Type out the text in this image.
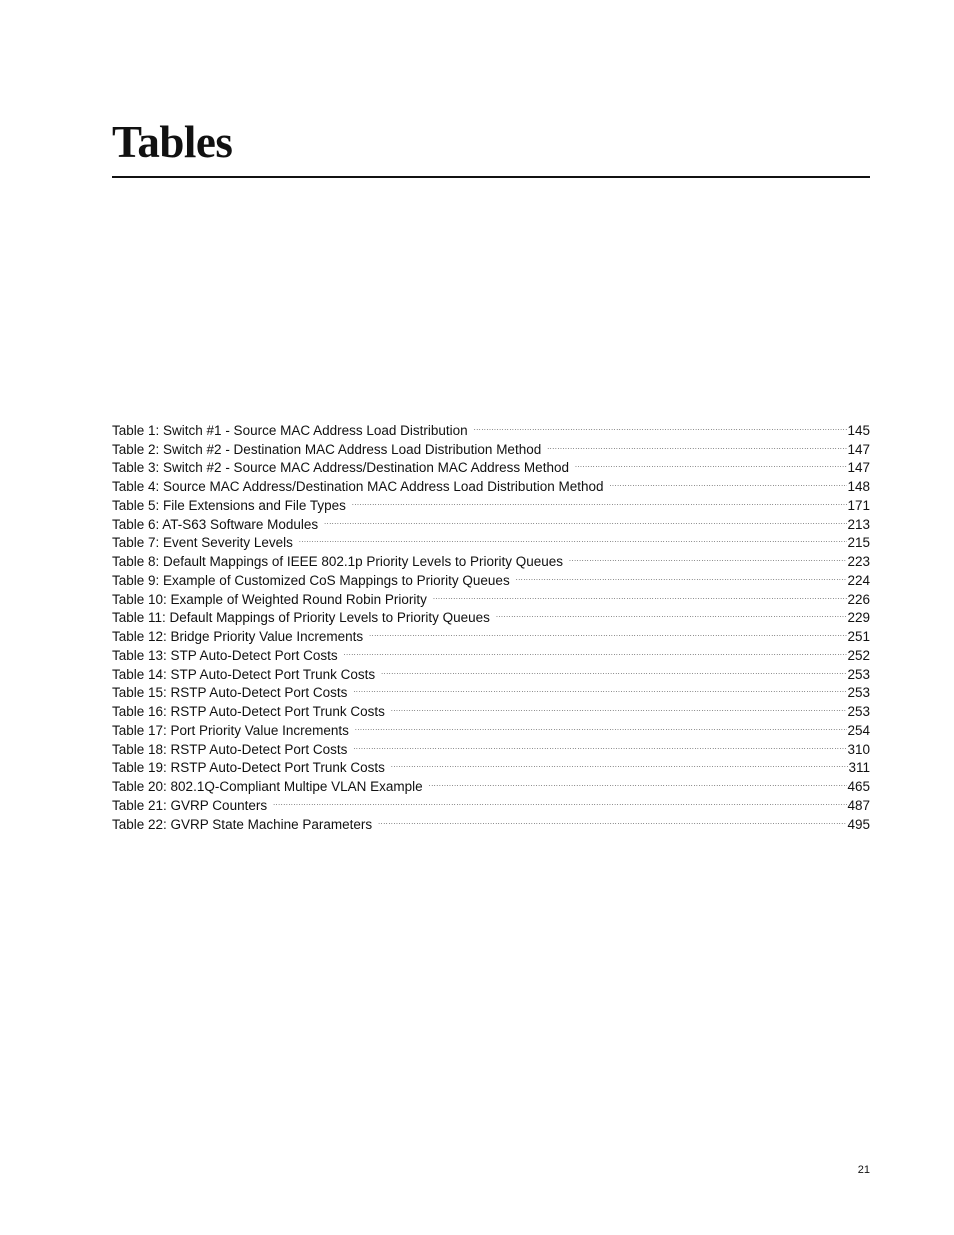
Tables
Table 1: Switch #1 - Source MAC Address Load Distribution .....	145
Table 2: Switch #2 - Destination MAC Address Load Distribution Method .....	147
Table 3: Switch #2 - Source MAC Address/Destination MAC Address Method .....	147
Table 4: Source MAC Address/Destination MAC Address Load Distribution Method .....	148
Table 5: File Extensions and File Types .....	171
Table 6: AT-S63 Software Modules .....	213
Table 7: Event Severity Levels .....	215
Table 8: Default Mappings of IEEE 802.1p Priority Levels to Priority Queues .....	223
Table 9: Example of Customized CoS Mappings to Priority Queues .....	224
Table 10: Example of Weighted Round Robin Priority .....	226
Table 11: Default Mappings of Priority Levels to Priority Queues .....	229
Table 12: Bridge Priority Value Increments .....	251
Table 13: STP Auto-Detect Port Costs .....	252
Table 14: STP Auto-Detect Port Trunk Costs .....	253
Table 15: RSTP Auto-Detect Port Costs .....	253
Table 16: RSTP Auto-Detect Port Trunk Costs .....	253
Table 17: Port Priority Value Increments .....	254
Table 18: RSTP Auto-Detect Port Costs .....	310
Table 19: RSTP Auto-Detect Port Trunk Costs .....	311
Table 20: 802.1Q-Compliant Multipe VLAN Example .....	465
Table 21: GVRP Counters .....	487
Table 22: GVRP State Machine Parameters .....	495
21
